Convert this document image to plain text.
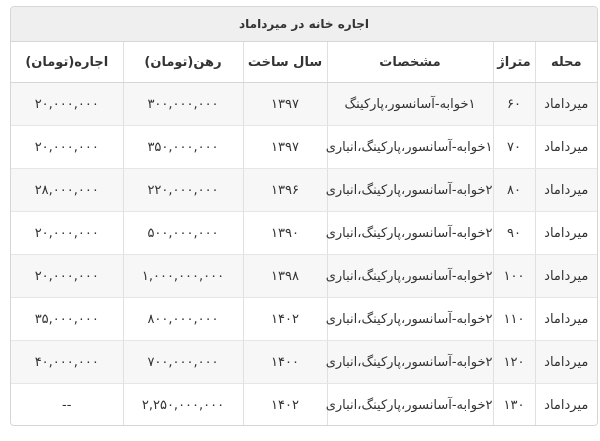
اجاره خانه در میرداماد
محله	متراژ	مشخصات	سال ساخت	رهن(تومان)	اجاره(تومان)
میرداماد	۶۰	۱خوابه-آسانسور،پارکینگ	۱۳۹۷	۳۰۰,۰۰۰,۰۰۰	۲۰,۰۰۰,۰۰۰
میرداماد	۷۰	۱خوابه-آسانسور،پارکینگ،انباری	۱۳۹۷	۳۵۰,۰۰۰,۰۰۰	۲۰,۰۰۰,۰۰۰
میرداماد	۸۰	۲خوابه-آسانسور،پارکینگ،انباری	۱۳۹۶	۲۲۰,۰۰۰,۰۰۰	۲۸,۰۰۰,۰۰۰
میرداماد	۹۰	۲خوابه-آسانسور،پارکینگ،انباری	۱۳۹۰	۵۰۰,۰۰۰,۰۰۰	۲۰,۰۰۰,۰۰۰
میرداماد	۱۰۰	۲خوابه-آسانسور،پارکینگ،انباری	۱۳۹۸	۱,۰۰۰,۰۰۰,۰۰۰	۲۰,۰۰۰,۰۰۰
میرداماد	۱۱۰	۲خوابه-آسانسور،پارکینگ،انباری	۱۴۰۲	۸۰۰,۰۰۰,۰۰۰	۳۵,۰۰۰,۰۰۰
میرداماد	۱۲۰	۲خوابه-آسانسور،پارکینگ،انباری	۱۴۰۰	۷۰۰,۰۰۰,۰۰۰	۴۰,۰۰۰,۰۰۰
میرداماد	۱۳۰	۲خوابه-آسانسور،پارکینگ،انباری	۱۴۰۲	۲,۲۵۰,۰۰۰,۰۰۰	--
